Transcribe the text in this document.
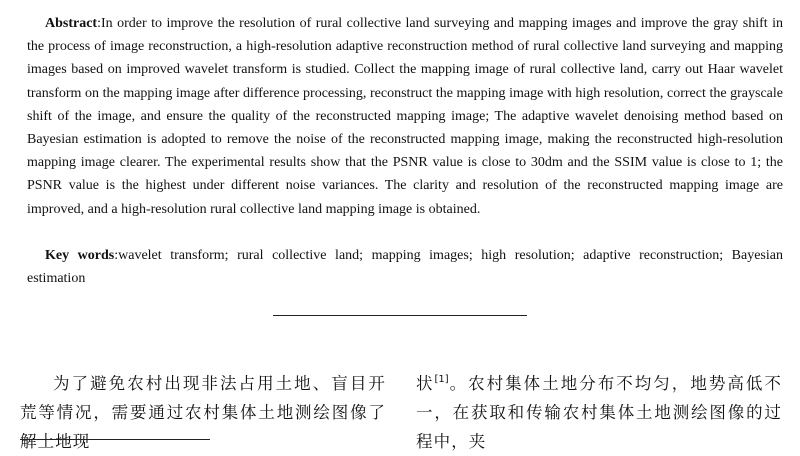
Abstract:In order to improve the resolution of rural collective land surveying and mapping images and improve the gray shift in the process of image reconstruction, a high-resolution adaptive reconstruction method of rural collective land surveying and mapping images based on improved wavelet transform is studied. Collect the mapping image of rural collective land, carry out Haar wavelet transform on the mapping image after difference processing, reconstruct the mapping image with high resolution, correct the grayscale shift of the image, and ensure the quality of the reconstructed mapping image; The adaptive wavelet denoising method based on Bayesian estimation is adopted to remove the noise of the reconstructed mapping image, making the reconstructed high-resolution mapping image clearer. The experimental results show that the PSNR value is close to 30dm and the SSIM value is close to 1; the PSNR value is the highest under different noise variances. The clarity and resolution of the reconstructed mapping image are improved, and a high-resolution rural collective land mapping image is obtained.
Key words:wavelet transform; rural collective land; mapping images; high resolution; adaptive reconstruction; Bayesian estimation
为了避免农村出现非法占用土地、盲目开荒等情况，需要通过农村集体土地测绘图像了解土地现
状[1]。农村集体土地分布不均匀，地势高低不一，在获取和传输农村集体土地测绘图像的过程中，夹
